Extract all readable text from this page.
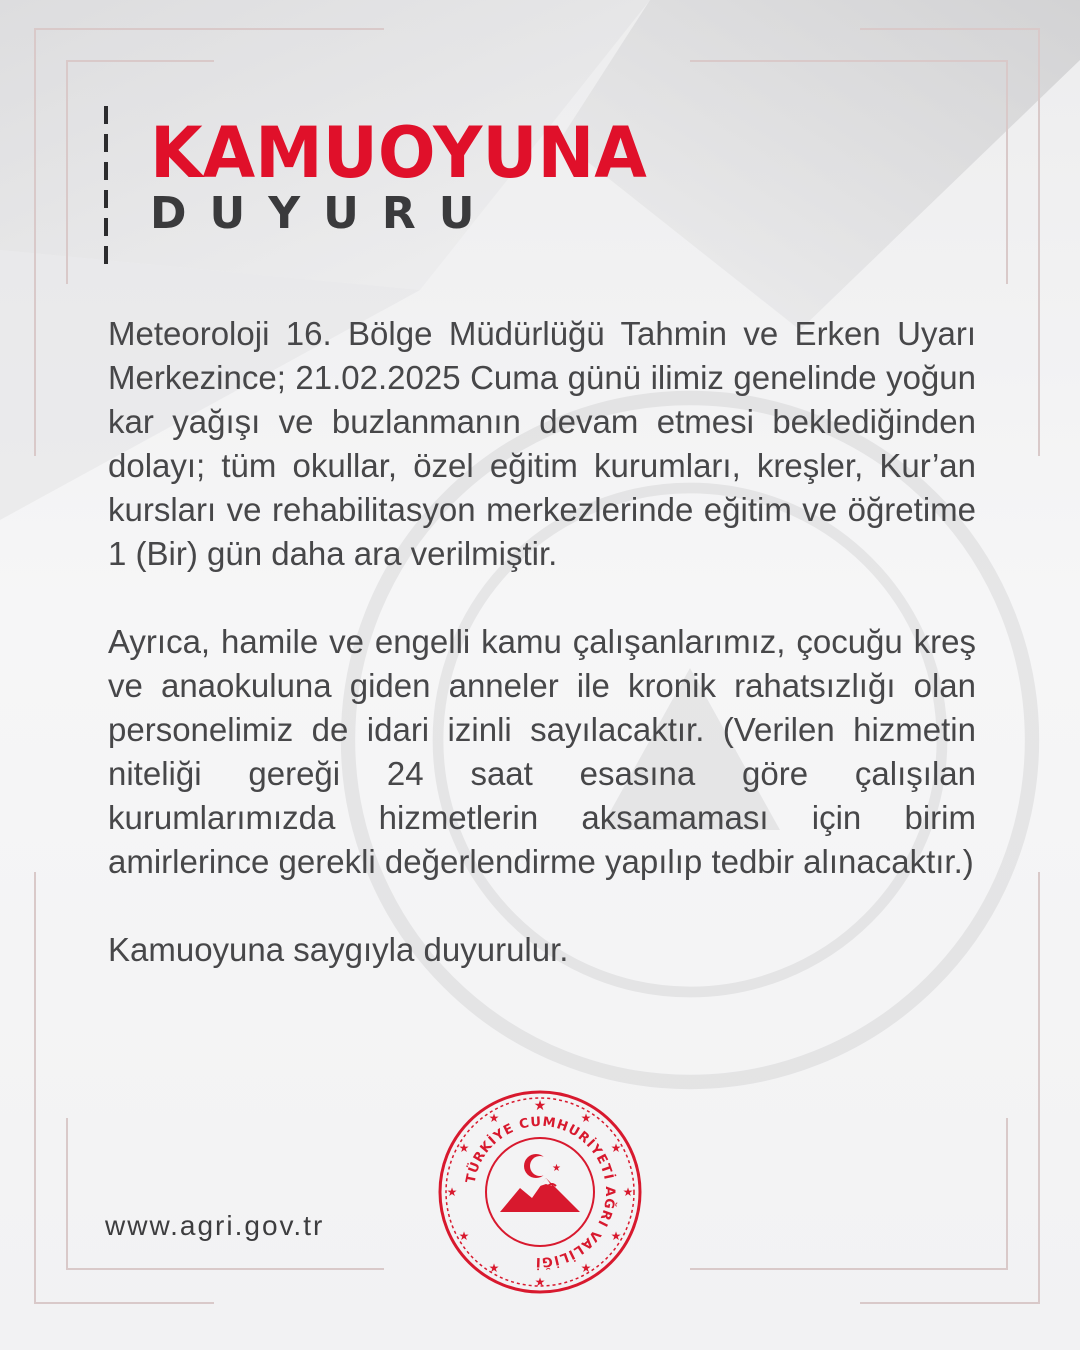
KAMUOYUNA
DUYURU

Meteoroloji 16. Bölge Müdürlüğü Tahmin ve Erken Uyarı Merkezince; 21.02.2025 Cuma günü ilimiz genelinde yoğun kar yağışı ve buzlanmanın devam etmesi beklediğinden dolayı; tüm okullar, özel eğitim kurumları, kreşler, Kur’an kursları ve rehabilitasyon merkezlerinde eğitim ve öğretime 1 (Bir) gün daha ara verilmiştir.

Ayrıca, hamile ve engelli kamu çalışanlarımız, çocuğu kreş ve anaokuluna giden anneler ile kronik rahatsızlığı olan personelimiz de idari izinli sayılacaktır. (Verilen hizmetin niteliği gereği 24 saat esasına göre çalışılan kurumlarımızda hizmetlerin aksamaması için birim amirlerince gerekli değerlendirme yapılıp tedbir alınacaktır.)

Kamuoyuna saygıyla duyurulur.

www.agri.gov.tr
★
★
★
★
★
★
★
★
★
★
★
★
TÜRKİYE CUMHURİYETİ AĞRI VALİLİĞİ
★
